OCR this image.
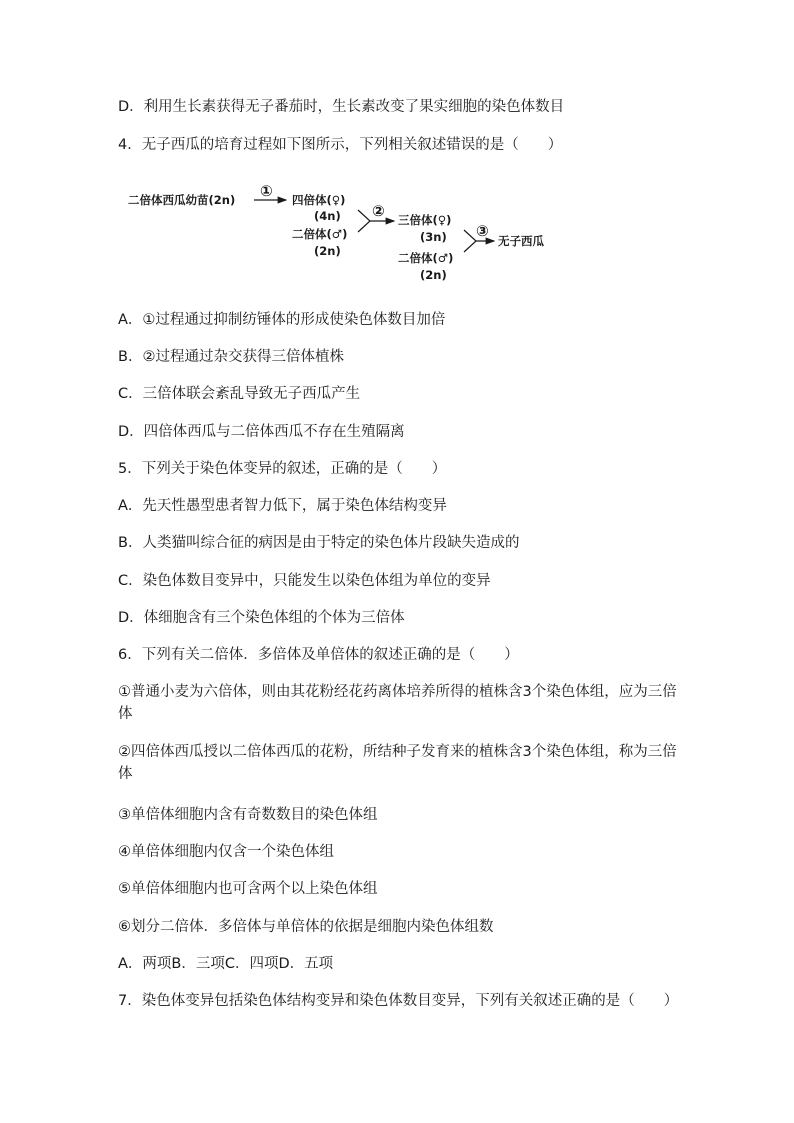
D．利用生长素获得无子番茄时，生长素改变了果实细胞的染色体数目
4．无子西瓜的培育过程如下图所示，下列相关叙述错误的是（　　）
二倍体西瓜幼苗(2n) ① 四倍体(♀)
(4n)
二倍体(♂)
(2n)
② 三倍体(♀)
(3n)
二倍体(♂)
(2n)
③
无子西瓜
A．①过程通过抑制纺锤体的形成使染色体数目加倍
B．②过程通过杂交获得三倍体植株
C．三倍体联会紊乱导致无子西瓜产生
D．四倍体西瓜与二倍体西瓜不存在生殖隔离
5．下列关于染色体变异的叙述，正确的是（　　）
A．先天性愚型患者智力低下，属于染色体结构变异
B．人类猫叫综合征的病因是由于特定的染色体片段缺失造成的
C．染色体数目变异中，只能发生以染色体组为单位的变异
D．体细胞含有三个染色体组的个体为三倍体
6．下列有关二倍体．多倍体及单倍体的叙述正确的是（　　）
①普通小麦为六倍体，则由其花粉经花药离体培养所得的植株含3个染色体组，应为三倍体
②四倍体西瓜授以二倍体西瓜的花粉，所结种子发育来的植株含3个染色体组，称为三倍体
③单倍体细胞内含有奇数数目的染色体组
④单倍体细胞内仅含一个染色体组
⑤单倍体细胞内也可含两个以上染色体组
⑥划分二倍体．多倍体与单倍体的依据是细胞内染色体组数
A．两项B．三项C．四项D．五项
7．染色体变异包括染色体结构变异和染色体数目变异，下列有关叙述正确的是（　　）
